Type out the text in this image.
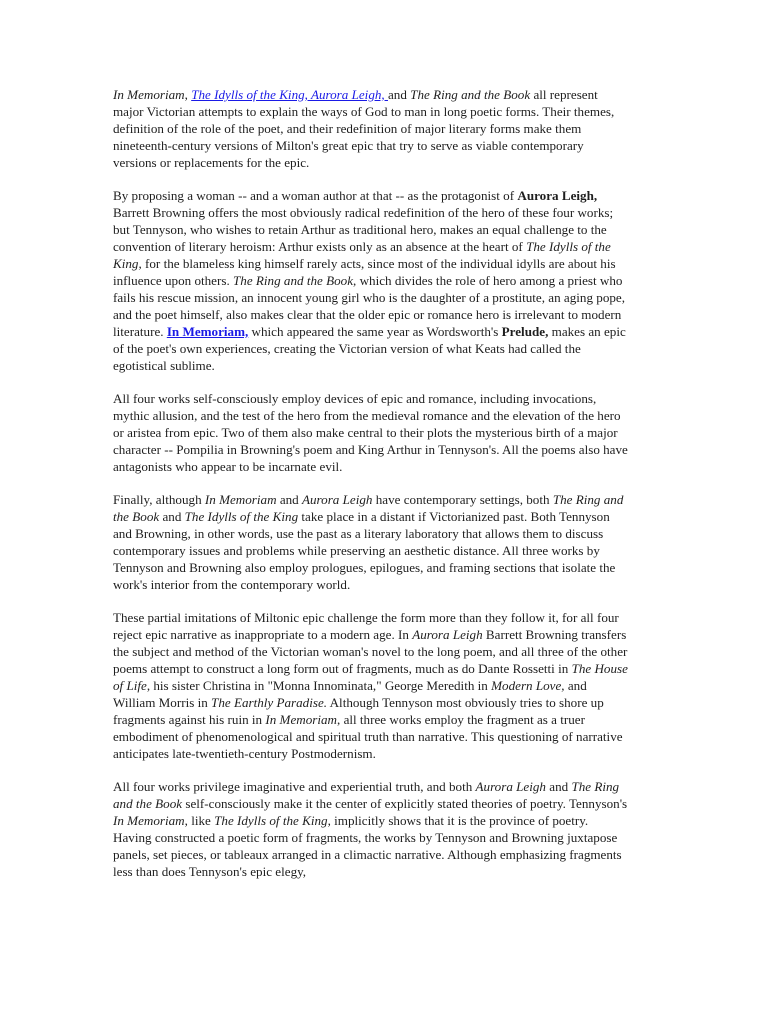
In Memoriam, The Idylls of the King, Aurora Leigh, and The Ring and the Book all represent major Victorian attempts to explain the ways of God to man in long poetic forms. Their themes, definition of the role of the poet, and their redefinition of major literary forms make them nineteenth-century versions of Milton's great epic that try to serve as viable contemporary versions or replacements for the epic.

By proposing a woman -- and a woman author at that -- as the protagonist of Aurora Leigh, Barrett Browning offers the most obviously radical redefinition of the hero of these four works; but Tennyson, who wishes to retain Arthur as traditional hero, makes an equal challenge to the convention of literary heroism: Arthur exists only as an absence at the heart of The Idylls of the King, for the blameless king himself rarely acts, since most of the individual idylls are about his influence upon others. The Ring and the Book, which divides the role of hero among a priest who fails his rescue mission, an innocent young girl who is the daughter of a prostitute, an aging pope, and the poet himself, also makes clear that the older epic or romance hero is irrelevant to modern literature. In Memoriam, which appeared the same year as Wordsworth's Prelude, makes an epic of the poet's own experiences, creating the Victorian version of what Keats had called the egotistical sublime.

All four works self-consciously employ devices of epic and romance, including invocations, mythic allusion, and the test of the hero from the medieval romance and the elevation of the hero or aristea from epic. Two of them also make central to their plots the mysterious birth of a major character -- Pompilia in Browning's poem and King Arthur in Tennyson's. All the poems also have antagonists who appear to be incarnate evil.

Finally, although In Memoriam and Aurora Leigh have contemporary settings, both The Ring and the Book and The Idylls of the King take place in a distant if Victorianized past. Both Tennyson and Browning, in other words, use the past as a literary laboratory that allows them to discuss contemporary issues and problems while preserving an aesthetic distance. All three works by Tennyson and Browning also employ prologues, epilogues, and framing sections that isolate the work's interior from the contemporary world.

These partial imitations of Miltonic epic challenge the form more than they follow it, for all four reject epic narrative as inappropriate to a modern age. In Aurora Leigh Barrett Browning transfers the subject and method of the Victorian woman's novel to the long poem, and all three of the other poems attempt to construct a long form out of fragments, much as do Dante Rossetti in The House of Life, his sister Christina in "Monna Innominata," George Meredith in Modern Love, and William Morris in The Earthly Paradise. Although Tennyson most obviously tries to shore up fragments against his ruin in In Memoriam, all three works employ the fragment as a truer embodiment of phenomenological and spiritual truth than narrative. This questioning of narrative anticipates late-twentieth-century Postmodernism.

All four works privilege imaginative and experiential truth, and both Aurora Leigh and The Ring and the Book self-consciously make it the center of explicitly stated theories of poetry. Tennyson's In Memoriam, like The Idylls of the King, implicitly shows that it is the province of poetry. Having constructed a poetic form of fragments, the works by Tennyson and Browning juxtapose panels, set pieces, or tableaux arranged in a climactic narrative. Although emphasizing fragments less than does Tennyson's epic elegy,
